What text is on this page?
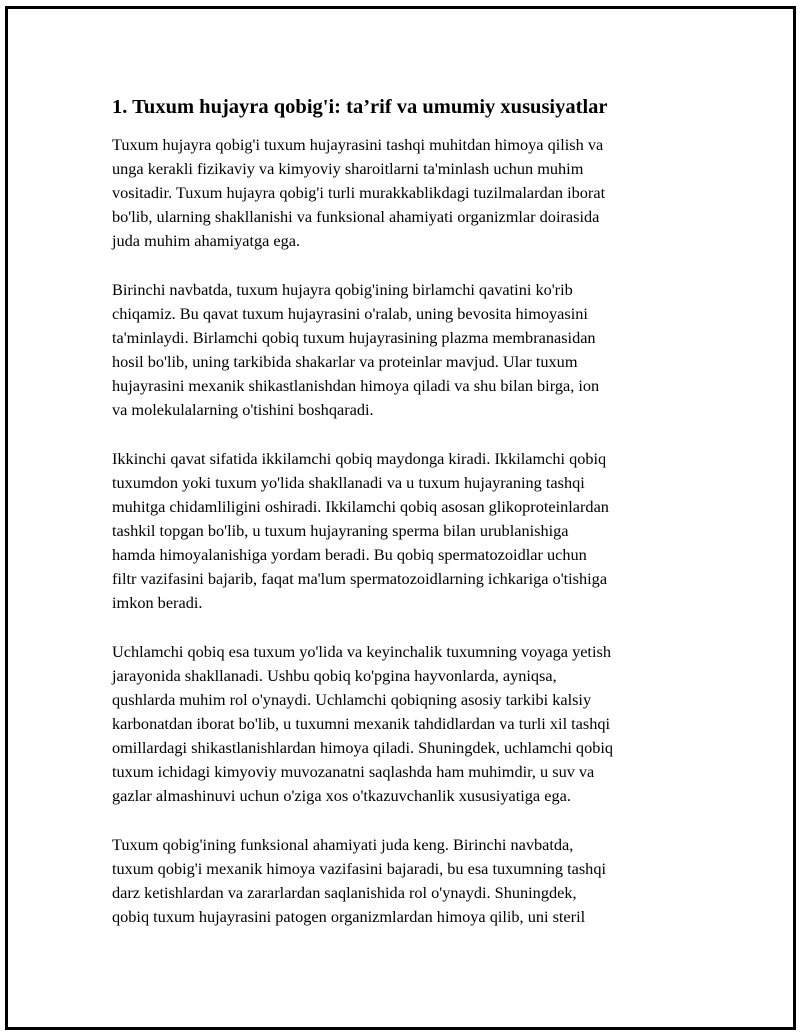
1. Tuxum hujayra qobig'i: ta’rif va umumiy xususiyatlar
Tuxum hujayra qobig'i tuxum hujayrasini tashqi muhitdan himoya qilish va
unga kerakli fizikaviy va kimyoviy sharoitlarni ta'minlash uchun muhim
vositadir. Tuxum hujayra qobig'i turli murakkablikdagi tuzilmalardan iborat
bo'lib, ularning shakllanishi va funksional ahamiyati organizmlar doirasida
juda muhim ahamiyatga ega.
Birinchi navbatda, tuxum hujayra qobig'ining birlamchi qavatini ko'rib
chiqamiz. Bu qavat tuxum hujayrasini o'ralab, uning bevosita himoyasini
ta'minlaydi. Birlamchi qobiq tuxum hujayrasining plazma membranasidan
hosil bo'lib, uning tarkibida shakarlar va proteinlar mavjud. Ular tuxum
hujayrasini mexanik shikastlanishdan himoya qiladi va shu bilan birga, ion
va molekulalarning o'tishini boshqaradi.
Ikkinchi qavat sifatida ikkilamchi qobiq maydonga kiradi. Ikkilamchi qobiq
tuxumdon yoki tuxum yo'lida shakllanadi va u tuxum hujayraning tashqi
muhitga chidamliligini oshiradi. Ikkilamchi qobiq asosan glikoproteinlardan
tashkil topgan bo'lib, u tuxum hujayraning sperma bilan urublanishiga
hamda himoyalanishiga yordam beradi. Bu qobiq spermatozoidlar uchun
filtr vazifasini bajarib, faqat ma'lum spermatozoidlarning ichkariga o'tishiga
imkon beradi.
Uchlamchi qobiq esa tuxum yo'lida va keyinchalik tuxumning voyaga yetish
jarayonida shakllanadi. Ushbu qobiq ko'pgina hayvonlarda, ayniqsa,
qushlarda muhim rol o'ynaydi. Uchlamchi qobiqning asosiy tarkibi kalsiy
karbonatdan iborat bo'lib, u tuxumni mexanik tahdidlardan va turli xil tashqi
omillardagi shikastlanishlardan himoya qiladi. Shuningdek, uchlamchi qobiq
tuxum ichidagi kimyoviy muvozanatni saqlashda ham muhimdir, u suv va
gazlar almashinuvi uchun o'ziga xos o'tkazuvchanlik xususiyatiga ega.
Tuxum qobig'ining funksional ahamiyati juda keng. Birinchi navbatda,
tuxum qobig'i mexanik himoya vazifasini bajaradi, bu esa tuxumning tashqi
darz ketishlardan va zararlardan saqlanishida rol o'ynaydi. Shuningdek,
qobiq tuxum hujayrasini patogen organizmlardan himoya qilib, uni steril
